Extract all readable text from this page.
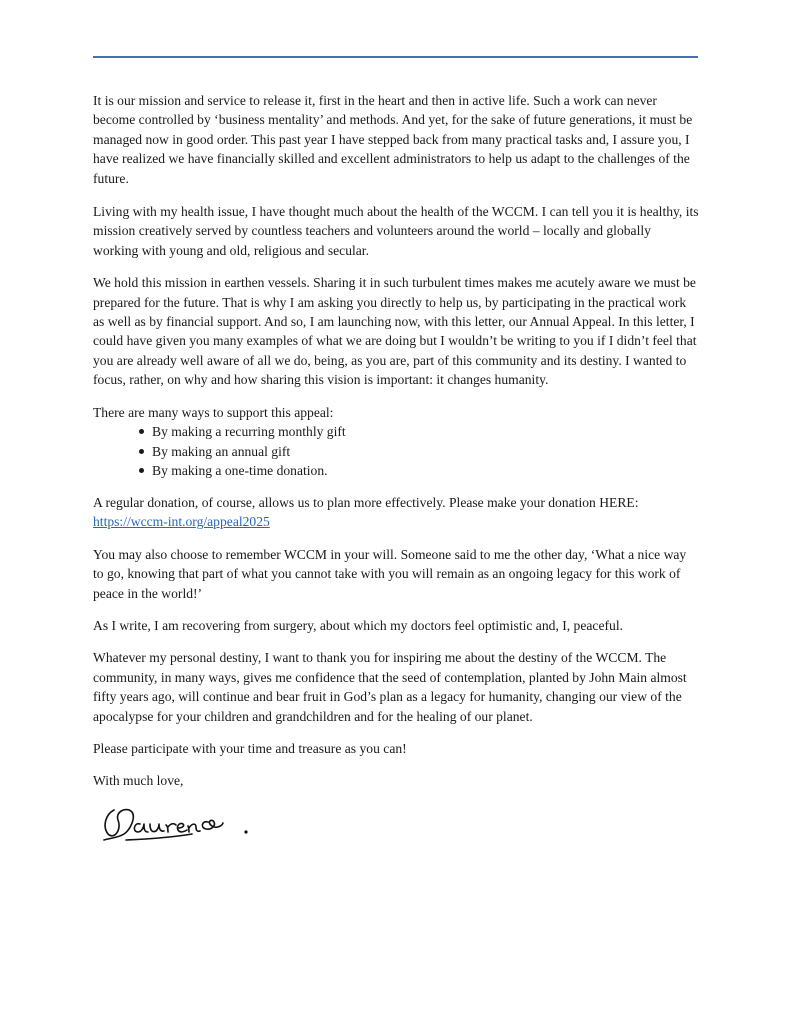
It is our mission and service to release it, first in the heart and then in active life. Such a work can never become controlled by ‘business mentality’ and methods. And yet, for the sake of future generations, it must be managed now in good order. This past year I have stepped back from many practical tasks and, I assure you, I have realized we have financially skilled and excellent administrators to help us adapt to the challenges of the future.

Living with my health issue, I have thought much about the health of the WCCM. I can tell you it is healthy, its mission creatively served by countless teachers and volunteers around the world – locally and globally working with young and old, religious and secular.

We hold this mission in earthen vessels. Sharing it in such turbulent times makes me acutely aware we must be prepared for the future. That is why I am asking you directly to help us, by participating in the practical work as well as by financial support. And so, I am launching now, with this letter, our Annual Appeal. In this letter, I could have given you many examples of what we are doing but I wouldn’t be writing to you if I didn’t feel that you are already well aware of all we do, being, as you are, part of this community and its destiny. I wanted to focus, rather, on why and how sharing this vision is important: it changes humanity.

There are many ways to support this appeal:

By making a recurring monthly gift
By making an annual gift
By making a one-time donation.

A regular donation, of course, allows us to plan more effectively. Please make your donation HERE:
https://wccm-int.org/appeal2025

You may also choose to remember WCCM in your will. Someone said to me the other day, ‘What a nice way to go, knowing that part of what you cannot take with you will remain as an ongoing legacy for this work of peace in the world!’

As I write, I am recovering from surgery, about which my doctors feel optimistic and, I, peaceful.

Whatever my personal destiny, I want to thank you for inspiring me about the destiny of the WCCM. The community, in many ways, gives me confidence that the seed of contemplation, planted by John Main almost fifty years ago, will continue and bear fruit in God’s plan as a legacy for humanity, changing our view of the apocalypse for your children and grandchildren and for the healing of our planet.

Please participate with your time and treasure as you can!

With much love,
